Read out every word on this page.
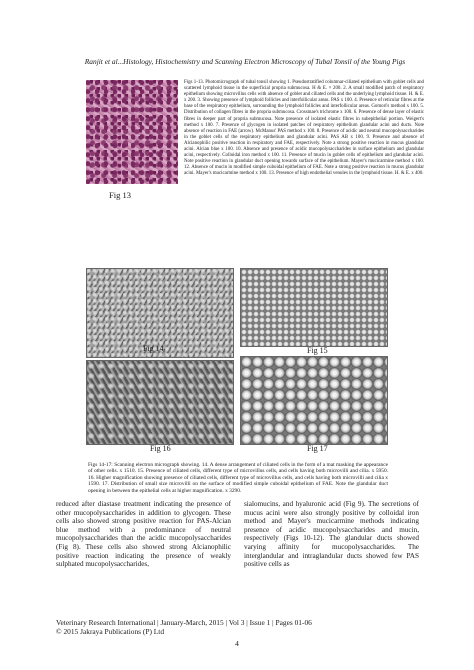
Ranjit et al...Histology, Histochemistry and Scanning Electron Microscopy of Tubal Tonsil of the Young Pigs
Fig 13

Figs 1-13. Photomicrograph of tubal tonsil showing 1. Pseudostratified columnar-ciliated epithelium with goblet cells and scattered lymphoid tissue in the superficial propria submucosa. H & E. × 200. 2. A small modified patch of respiratory epithelium showing microvillus cells with absence of goblet and ciliated cells and the underlying lymphoid tissue. H. & E. x 200. 3. Showing presence of lymphoid follicles and interfollicular areas. PAS x 100. 4. Presence of reticular fibres at the base of the respiratory epithelium, surrounding the lymphoid follicles and interfollicular areas. Gomori's method x 100. 5. Distribution of collagen fibres in the propria submucosa. Crossmae's trichrome x 100. 6. Presence of dense layer of elastic fibres in deeper part of propria submucosa. Note presence of isolated elastic fibres in subepithelial portion. Weigert's method x 100. 7. Presence of glycogen in isolated patches of respiratory epithelium glandular acini and ducts. Note absence of reaction in FAE (arrow). McManus' PAS method x 100. 8. Presence of acidic and neutral mucopolysaccharides in the goblet cells of the respiratory epithelium and glandular acini. PAS AB x 100. 9. Presence and absence of Alcianophilic positive reaction in respiratory and FAE, respectively. Note a strong positive reaction in mucus glandular acini. Alcian blue x 100. 10. Absence and presence of acidic mucopolysaccharides in surface epithelium and glandular acini, respectively. Colloidal iron method x 100. 11. Presence of mucin in goblet cells of epithelium and glandular acini. Note positive reaction in glandular duct opening towards surface of the epithelium. Mayer's mucicarmine method x 100. 12. Absence of mucin in modified simple cuboidal epithelium of FAE. Note a strong positive reaction in mucus glandular acini. Mayer's mucicarmine method x 100. 13. Presence of high endothelial venules in the lymphoid tissue. H. & E. x 400.

Fig 14	Fig 15
Fig 16	Fig 17

Figs 14-17: Scanning electron micrograph showing. 14. A dense arrangement of ciliated cells in the form of a mat masking the appearance of other cells. x 1510. 15. Presence of ciliated cells, different type of microvillus cells, and cells having both microvilli and cilia. x 5950. 16. Higher magnification showing presence of ciliated cells, different type of microvillus cells, and cells having both microvilli and cilia x 1590. 17. Distribution of small size microvilli on the surface of modified simple cuboidal epithelium of FAE. Note the glandular duct opening in between the epithelial cells at higher magnification. x 3290.

reduced after diastase treatment indicating the presence of other mucopolysaccharides in addition to glycogen. These cells also showed strong positive reaction for PAS-Alcian blue method with a predominance of neutral mucopolysaccharides than the acidic mucopolysaccharides (Fig 8). These cells also showed strong Alcianophilic positive reaction indicating the presence of weakly sulphated mucopolysaccharides,

sialomucins, and hyaluronic acid (Fig 9). The secretions of mucus acini were also strongly positive by colloidal iron method and Mayer's mucicarmine methods indicating presence of acidic mucopolysaccharides and mucin, respectively (Figs 10-12). The glandular ducts showed varying affinity for mucopolysaccharides. The interglandular and intraglandular ducts showed few PAS positive cells as

Veterinary Research International | January-March, 2015 | Vol 3 | Issue 1 | Pages 01-06
© 2015 Jakraya Publications (P) Ltd
4
